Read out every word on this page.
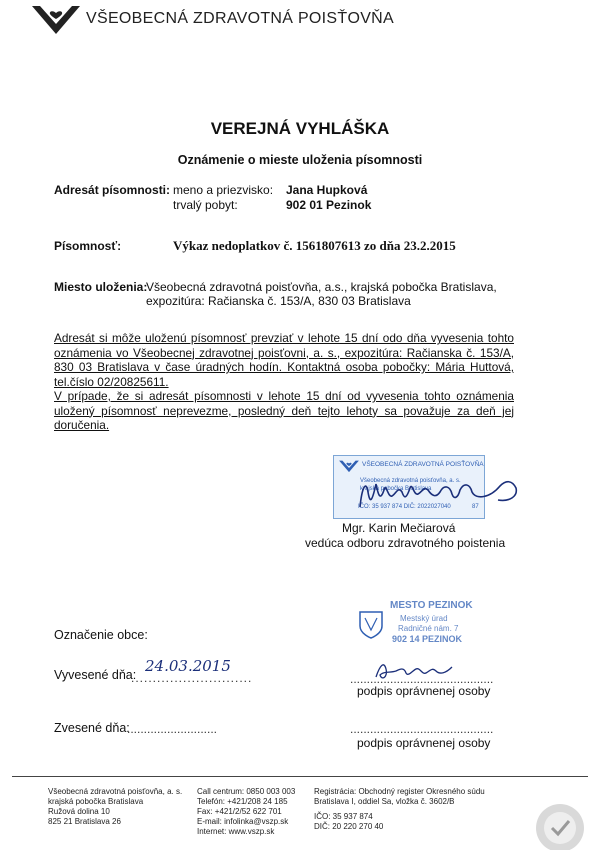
VŠEOBECNÁ ZDRAVOTNÁ POISŤOVŇA
VEREJNÁ VYHLÁŠKA
Oznámenie o mieste uloženia písomnosti
Adresát písomnosti: meno a priezvisko: Jana Hupková
trvalý pobyt:	902 01 Pezinok
Písomnosť:	Výkaz nedoplatkov č. 1561807613 zo dňa 23.2.2015
Miesto uloženia:
Všeobecná zdravotná poisťovňa, a.s., krajská pobočka Bratislava,
expozitúra: Račianska č. 153/A, 830 03 Bratislava

Adresát si môže uloženú písomnosť prevziať v lehote 15 dní odo dňa vyvesenia tohto oznámenia vo Všeobecnej zdravotnej poisťovni, a. s., expozitúra: Račianska č. 153/A, 830 03 Bratislava v čase úradných hodín. Kontaktná osoba pobočky: Mária Huttová, tel.číslo 02/20825611.

V prípade, že si adresát písomnosti v lehote 15 dní od vyvesenia tohto oznámenia uložený písomnosť neprevezme, posledný deň tejto lehoty sa považuje za deň jej doručenia.

VŠEOBECNÁ ZDRAVOTNÁ POISŤOVŇA
Všeobecná zdravotná poisťovňa, a. s.
krajská pobočka Bratislava
IČO: 35 937 874 DIČ: 2022027040	87
Mgr. Karin Mečiarová
vedúca odboru zdravotného poistenia
MESTO PEZINOK
Mestský úrad
Radničné nám. 7
902 14 PEZINOK
Označenie obce:
Vyvesené dňa:
............................
24.03.2015
...........................................
podpis oprávnenej osoby
Zvesené dňa:
...........................	...........................................
podpis oprávnenej osoby
Všeobecná zdravotná poisťovňa, a. s.
krajská pobočka Bratislava
Ružová dolina 10
825 21 Bratislava 26
Call centrum: 0850 003 003
Telefón: +421/208 24 185
Fax: +421/2/52 622 701
E-mail: infolinka@vszp.sk
Internet: www.vszp.sk
Registrácia: Obchodný register Okresného súdu
Bratislava I, oddiel Sa, vložka č. 3602/B
IČO: 35 937 874
DIČ: 20 220 270 40
